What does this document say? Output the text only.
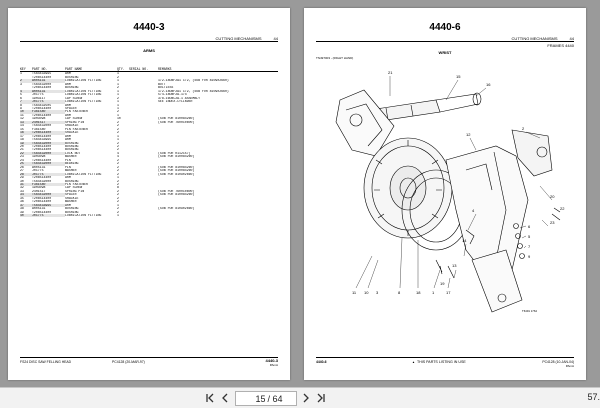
4440-3
CUTTING MECHANISMS	44
ARMS
KEY	PART NO.	PART NAME	QTY.	SERIAL NO.	REMARKS
1	T564433995	ARM	1		
	T208514400	BUSHING	2		
2	AR05131	LUBRICATION FITTING	1		1/2-18UNF2A1 1/2, (SUB FOR 810902660)
3	T564432000	ARM	1		BUTT
	T208514400	BUSHING	2		BOLTLESS
4	AR05131	LUBRICATION FITTING	1		1/2-18UNF2A1 1/2, (SUB FOR 810902660)
5	J01775	LUBRICATION FITTING	1		5/4-18UNF2A-1/4
6	19H3117	CAP SCREW	2		3/8-16UNC2A-1 ASSEMBLY
7	J01775	LUBRICATION FITTING	1		SEE INDEX-CYLINDER
8	T564432505	ARM	1		
9	T208514400	SPACER	1		
10	F361580	PIN FASTENER	2		
11	T208514400	ARM	1		
12	19H3098	CAP SCREW	10		(SUB FOR 810084260)
13	24H1517	SPRING PIN	2		(SUB FOR 760010600)
14	T564432000	SHACKLE	2		
15	F361580	PIN FASTENER	2		
16	T208514400	SHACKLE	2		
17	T208514400	ARM	1		
18	T564433995	ARM	1		
19	T564432000	BUSHING	2		
20	T208514400	BUSHING	2		
21	T208514400	BUSHING	2		
22	T564432000	LOCK NUT	4		(SUB FOR R112157)
23	19H3098	WASHER	4		(SUB FOR 810084260)
24	T208514400	PIN	2		
25	T564432000	BEARING	2		
26	AR05131	PIN	2		(SUB FOR 810084260)
27	J01775	WASHER	2		(SUB FOR 810084260)
28	J01775	LUBRICATION FITTING	2		(SUB FOR 810902660)
29	T208514400	ARM	1		
30	T564432000	BUSHING	2		
31	F361580	PIN FASTENER	2		
32	19H3098	CAP SCREW	8		
33	24H1517	SPRING PIN	2		(SUB FOR 760010600)
34	T564432000	SPACER	2		(SUB FOR 810084260)
35	T208514400	SHACKLE	2		
36	T208514400	WASHER	2		
37	T564433995	ARM	1		
38	AR05131	BUSHING	2		(SUB FOR 810902660)
39	T208514400	BUSHING	2		
40	J01775	LUBRICATION FITTING	1		
FS24 DISC SAW FELLING HEAD	PC4128 (20-MAR-97)	4440-3
PAmA
4440-6
CUTTING MECHANISMS	44
FRAMES 4440
WRIST
TN497003 - (RIGHT HAND)
21
15
16
12
2
20
22
4
14
13
19
6
23
5
7
9
11 10 3	8	18	1	17
T6491 1764
4440-6	▲ THIS PARTS LISTING IN USE	PC4128 (10-JAN-04)
PAmA
15
/ 64	57.
